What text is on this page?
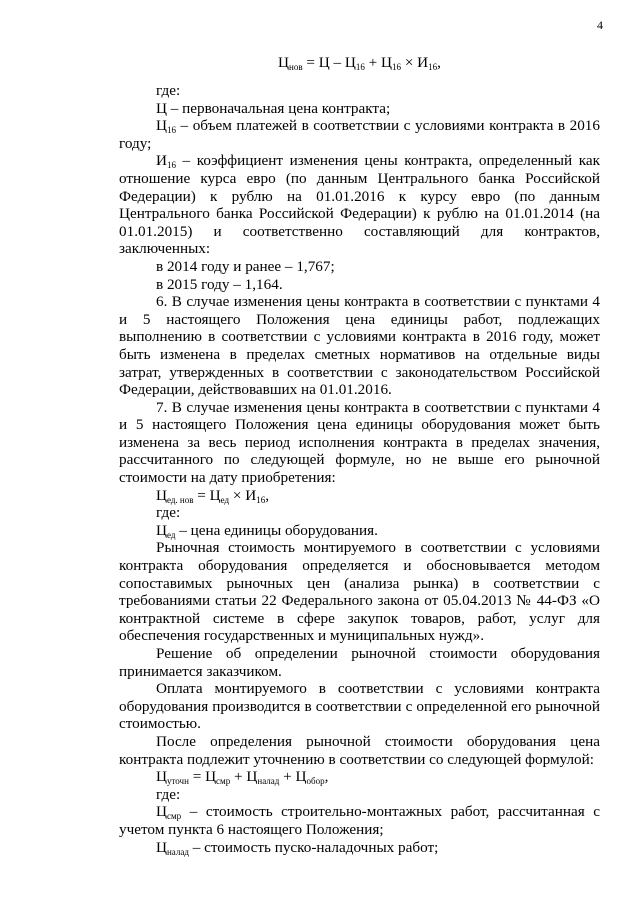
4

$Ц_{нов} = Ц - Ц_{16} + Ц_{16} \times И_{16}$,

где:

Ц – первоначальная цена контракта;

$Ц_{16}$ – объем платежей в соответствии с условиями контракта в 2016 году;

$И_{16}$ – коэффициент изменения цены контракта, определенный как отношение курса евро (по данным Центрального банка Российской Федерации) к рублю на 01.01.2016 к курсу евро (по данным Центрального банка Российской Федерации) к рублю на 01.01.2014 (на 01.01.2015) и соответственно составляющий для контрактов, заключенных:

в 2014 году и ранее – 1,767;

в 2015 году – 1,164.

6. В случае изменения цены контракта в соответствии с пунктами 4 и 5 настоящего Положения цена единицы работ, подлежащих выполнению в соответствии с условиями контракта в 2016 году, может быть изменена в пределах сметных нормативов на отдельные виды затрат, утвержденных в соответствии с законодательством Российской Федерации, действовавших на 01.01.2016.

7. В случае изменения цены контракта в соответствии с пунктами 4 и 5 настоящего Положения цена единицы оборудования может быть изменена за весь период исполнения контракта в пределах значения, рассчитанного по следующей формуле, но не выше его рыночной стоимости на дату приобретения:

$Ц_{ед. нов} = Ц_{ед} \times И_{16}$,

где:

$Ц_{ед}$ – цена единицы оборудования.

Рыночная стоимость монтируемого в соответствии с условиями контракта оборудования определяется и обосновывается методом сопоставимых рыночных цен (анализа рынка) в соответствии с требованиями статьи 22 Федерального закона от 05.04.2013 № 44-ФЗ «О контрактной системе в сфере закупок товаров, работ, услуг для обеспечения государственных и муниципальных нужд».

Решение об определении рыночной стоимости оборудования принимается заказчиком.

Оплата монтируемого в соответствии с условиями контракта оборудования производится в соответствии с определенной его рыночной стоимостью.

После определения рыночной стоимости оборудования цена контракта подлежит уточнению в соответствии со следующей формулой:

$Ц_{уточн} = Ц_{смр} + Ц_{налад} + Ц_{обор}$,

где:

$Ц_{смр}$ – стоимость строительно-монтажных работ, рассчитанная с учетом пункта 6 настоящего Положения;

$Ц_{налад}$ – стоимость пуско-наладочных работ;
